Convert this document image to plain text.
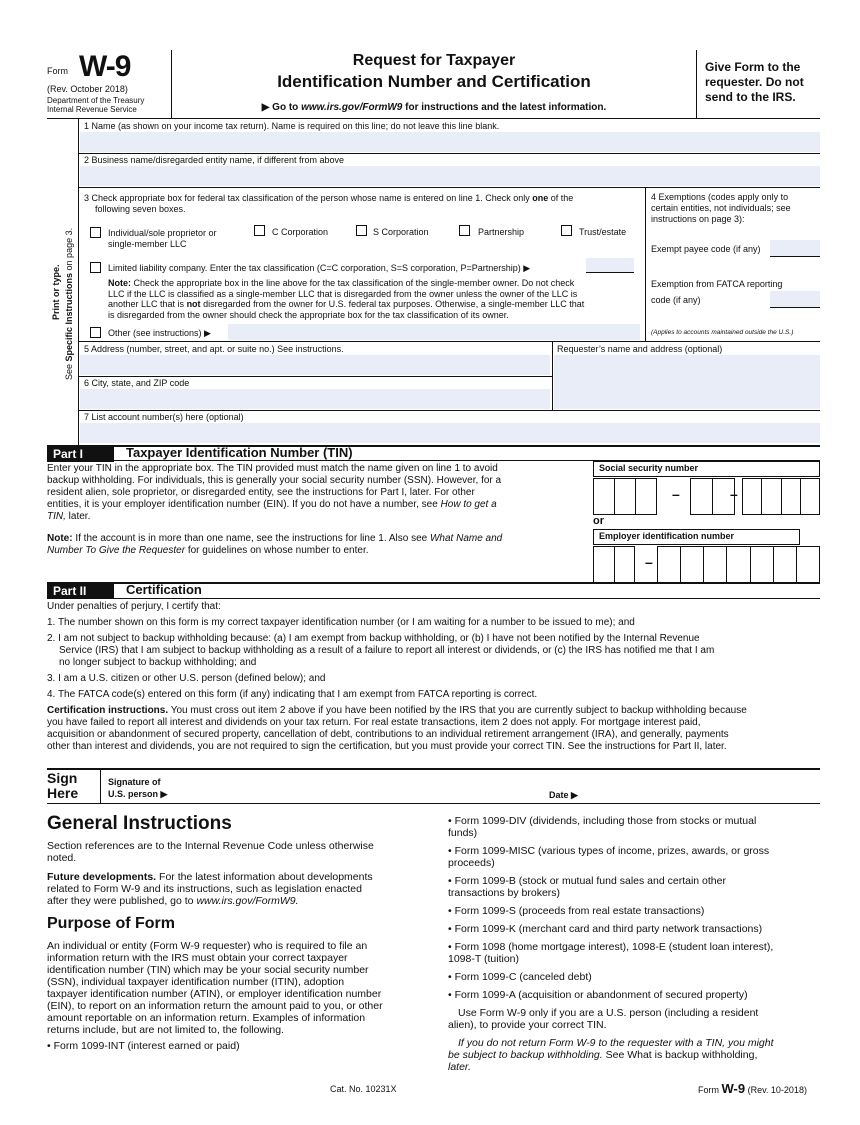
Form W-9
(Rev. October 2018)
Department of the Treasury
Internal Revenue Service
Request for Taxpayer
Identification Number and Certification
▶ Go to www.irs.gov/FormW9 for instructions and the latest information.
Give Form to the
requester. Do not
send to the IRS.
Print or type.
See Specific Instructions on page 3.
1 Name (as shown on your income tax return). Name is required on this line; do not leave this line blank.
2 Business name/disregarded entity name, if different from above
3 Check appropriate box for federal tax classification of the person whose name is entered on line 1. Check only one of the
following seven boxes.
Individual/sole proprietor or
single-member LLC
C Corporation	S Corporation	Partnership	Trust/estate
Limited liability company. Enter the tax classification (C=C corporation, S=S corporation, P=Partnership) ▶
Note: Check the appropriate box in the line above for the tax classification of the single-member owner. Do not check
LLC if the LLC is classified as a single-member LLC that is disregarded from the owner unless the owner of the LLC is
another LLC that is not disregarded from the owner for U.S. federal tax purposes. Otherwise, a single-member LLC that
is disregarded from the owner should check the appropriate box for the tax classification of its owner.
Other (see instructions) ▶
4 Exemptions (codes apply only to
certain entities, not individuals; see
instructions on page 3):
Exempt payee code (if any)
Exemption from FATCA reporting
code (if any)
(Applies to accounts maintained outside the U.S.)
5 Address (number, street, and apt. or suite no.) See instructions.
6 City, state, and ZIP code
Requester’s name and address (optional)
7 List account number(s) here (optional)
Part I	Taxpayer Identification Number (TIN)
Enter your TIN in the appropriate box. The TIN provided must match the name given on line 1 to avoid
backup withholding. For individuals, this is generally your social security number (SSN). However, for a
resident alien, sole proprietor, or disregarded entity, see the instructions for Part I, later. For other
entities, it is your employer identification number (EIN). If you do not have a number, see How to get a
TIN, later.
Note: If the account is in more than one name, see the instructions for line 1. Also see What Name and
Number To Give the Requester for guidelines on whose number to enter.
Social security number
–	–
or
Employer identification number
–
Part II	Certification
Under penalties of perjury, I certify that:
1. The number shown on this form is my correct taxpayer identification number (or I am waiting for a number to be issued to me); and
2. I am not subject to backup withholding because: (a) I am exempt from backup withholding, or (b) I have not been notified by the Internal Revenue
Service (IRS) that I am subject to backup withholding as a result of a failure to report all interest or dividends, or (c) the IRS has notified me that I am
no longer subject to backup withholding; and
3. I am a U.S. citizen or other U.S. person (defined below); and
4. The FATCA code(s) entered on this form (if any) indicating that I am exempt from FATCA reporting is correct.
Certification instructions. You must cross out item 2 above if you have been notified by the IRS that you are currently subject to backup withholding because
you have failed to report all interest and dividends on your tax return. For real estate transactions, item 2 does not apply. For mortgage interest paid,
acquisition or abandonment of secured property, cancellation of debt, contributions to an individual retirement arrangement (IRA), and generally, payments
other than interest and dividends, you are not required to sign the certification, but you must provide your correct TIN. See the instructions for Part II, later.
Sign
Here
Signature of
U.S. person ▶	Date ▶
General Instructions
Section references are to the Internal Revenue Code unless otherwise
noted.
Future developments. For the latest information about developments
related to Form W-9 and its instructions, such as legislation enacted
after they were published, go to www.irs.gov/FormW9.
Purpose of Form
An individual or entity (Form W-9 requester) who is required to file an
information return with the IRS must obtain your correct taxpayer
identification number (TIN) which may be your social security number
(SSN), individual taxpayer identification number (ITIN), adoption
taxpayer identification number (ATIN), or employer identification number
(EIN), to report on an information return the amount paid to you, or other
amount reportable on an information return. Examples of information
returns include, but are not limited to, the following.
• Form 1099-INT (interest earned or paid)
• Form 1099-DIV (dividends, including those from stocks or mutual
funds)
• Form 1099-MISC (various types of income, prizes, awards, or gross
proceeds)
• Form 1099-B (stock or mutual fund sales and certain other
transactions by brokers)
• Form 1099-S (proceeds from real estate transactions)
• Form 1099-K (merchant card and third party network transactions)
• Form 1098 (home mortgage interest), 1098-E (student loan interest),
1098-T (tuition)
• Form 1099-C (canceled debt)
• Form 1099-A (acquisition or abandonment of secured property)
Use Form W-9 only if you are a U.S. person (including a resident
alien), to provide your correct TIN.
If you do not return Form W-9 to the requester with a TIN, you might
be subject to backup withholding. See What is backup withholding,
later.
Cat. No. 10231X	Form W-9 (Rev. 10-2018)
